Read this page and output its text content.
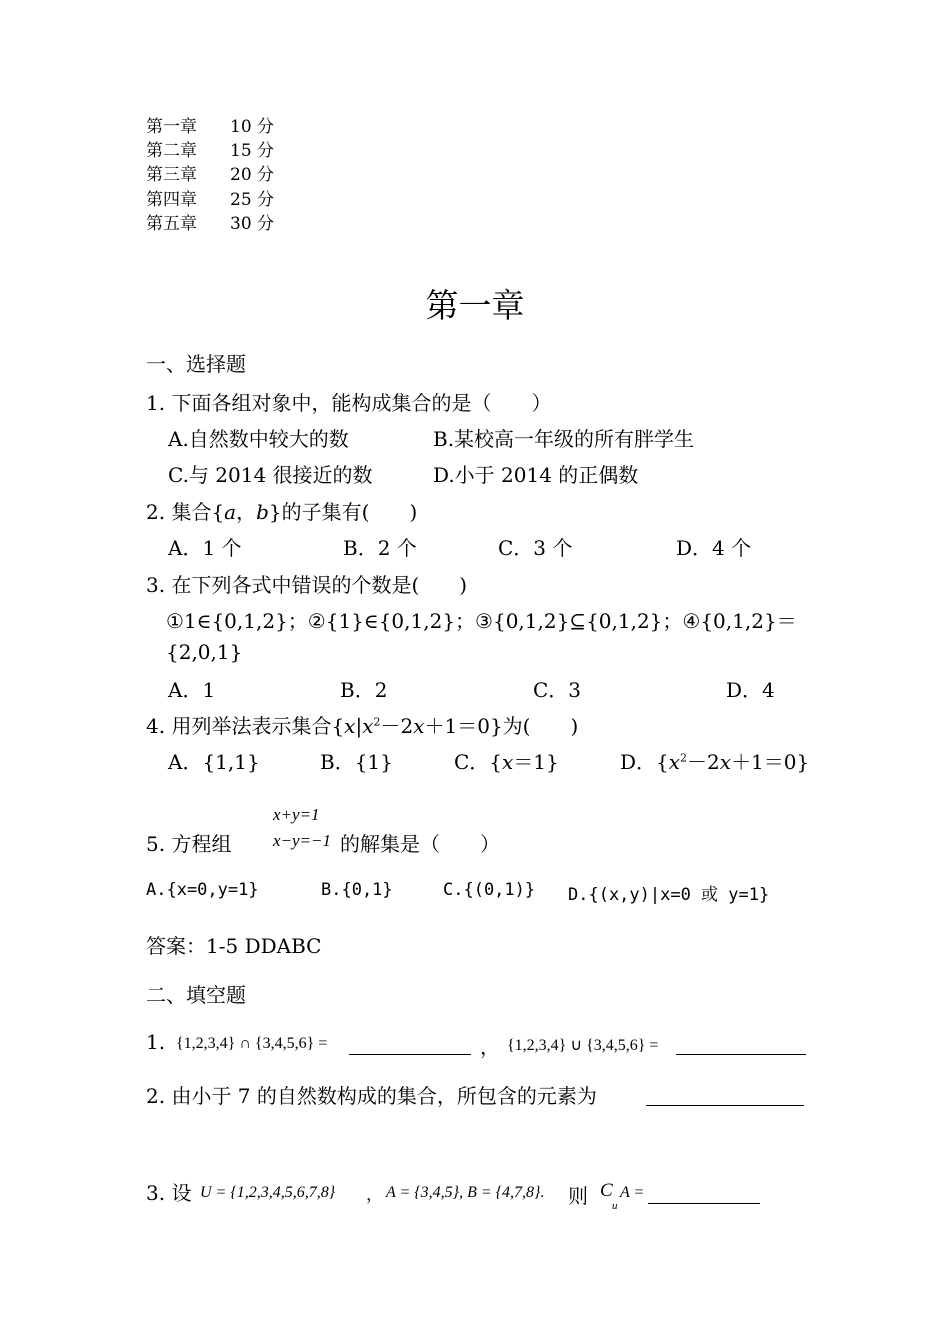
第一章 10 分
第二章 15 分
第三章 20 分
第四章 25 分
第五章 30 分
第一章
一、选择题
1. 下面各组对象中，能构成集合的是（　　）
A.自然数中较大的数	B.某校高一年级的所有胖学生
C.与 2014 很接近的数	D.小于 2014 的正偶数
2. 集合{a，b}的子集有(　　)
A．1 个	B．2 个	C．3 个	D．4 个
3. 在下列各式中错误的个数是(　　)
①1∈{0,1,2}；②{1}∈{0,1,2}；③{0,1,2}⊆{0,1,2}；④{0,1,2}＝
{2,0,1}
A．1	B．2	C．3	D．4
4. 用列举法表示集合$\{x|x^2-2x+1=0\}$为(　　)
A．{1,1}	B．{1}	C．{x＝1}	D．$\{x^2-2x+1=0\}$
5. 方程组
x+y=1
x−y=−1 的解集是（　　）
A.{x=0,y=1}	B.{0,1}	C.{(0,1)} D.{(x,y)|x=0 或 y=1}
答案：1-5 DDABC
二、填空题
1. {1,2,3,4} ∩ {3,4,5,6} =	， {1,2,3,4} ∪ {3,4,5,6} =
2. 由小于 7 的自然数构成的集合，所包含的元素为
3. 设 U = {1,2,3,4,5,6,7,8} ， A = {3,4,5}, B = {4,7,8}. 则 C
u
A =
